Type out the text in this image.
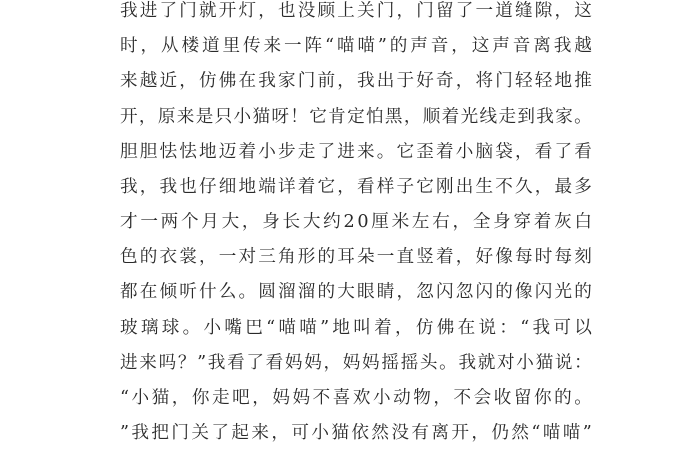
我 进 了 门 就 开 灯 ， 也 没 顾 上 关 门 ， 门 留 了 一 道 缝 隙 ， 这
时 ， 从 楼 道 里 传 来 一 阵 “ 喵 喵 ” 的 声 音 ， 这 声 音 离 我 越
来 越 近 ， 仿 佛 在 我 家 门 前 ， 我 出 于 好 奇 ， 将 门 轻 轻 地 推
开 ， 原 来 是 只 小 猫 呀 ！ 它 肯 定 怕 黑 ， 顺 着 光 线 走 到 我 家 。
胆 胆 怯 怯 地 迈 着 小 步 走 了 进 来 。 它 歪 着 小 脑 袋 ， 看 了 看
我 ， 我 也 仔 细 地 端 详 着 它 ， 看 样 子 它 刚 出 生 不 久 ， 最 多
才 一 两 个 月 大 ， 身 长 大 约 2 0 厘 米 左 右 ， 全 身 穿 着 灰 白
色 的 衣 裳 ， 一 对 三 角 形 的 耳 朵 一 直 竖 着 ， 好 像 每 时 每 刻
都 在 倾 听 什 么 。 圆 溜 溜 的 大 眼 睛 ， 忽 闪 忽 闪 的 像 闪 光 的
玻 璃 球 。 小 嘴 巴 “ 喵 喵 ” 地 叫 着 ， 仿 佛 在 说 ： “ 我 可 以
进 来 吗 ？ ” 我 看 了 看 妈 妈 ， 妈 妈 摇 摇 头 。 我 就 对 小 猫 说 ：
“ 小 猫 ， 你 走 吧 ， 妈 妈 不 喜 欢 小 动 物 ， 不 会 收 留 你 的 。
” 我 把 门 关 了 起 来 ， 可 小 猫 依 然 没 有 离 开 ， 仍 然 “ 喵 喵 ”
